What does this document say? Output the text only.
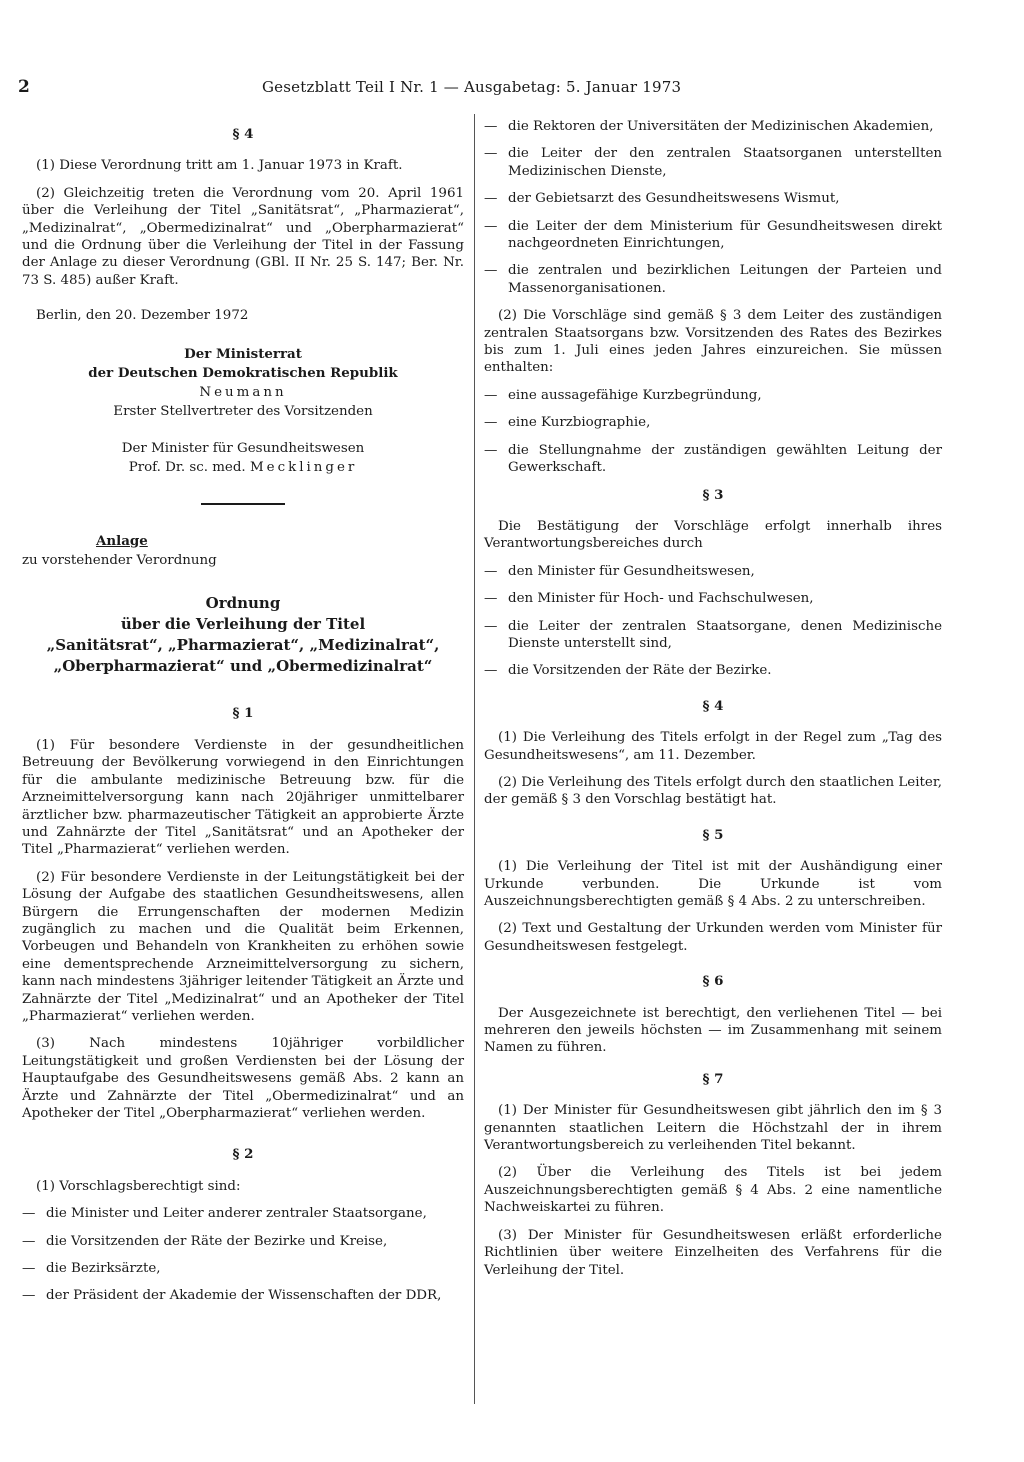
2	Gesetzblatt Teil I Nr. 1 — Ausgabetag: 5. Januar 1973
§ 4

(1) Diese Verordnung tritt am 1. Januar 1973 in Kraft.

(2) Gleichzeitig treten die Verordnung vom 20. April 1961 über die Verleihung der Titel „Sanitätsrat“, „Pharmazierat“, „Medizinalrat“, „Obermedizinalrat“ und „Oberpharmazierat“ und die Ordnung über die Verleihung der Titel in der Fassung der Anlage zu dieser Verordnung (GBl. II Nr. 25 S. 147; Ber. Nr. 73 S. 485) außer Kraft.

Berlin, den 20. Dezember 1972

Der Ministerrat

der Deutschen Demokratischen Republik

Neumann

Erster Stellvertreter des Vorsitzenden

Der Minister für Gesundheitswesen

Prof. Dr. sc. med. Mecklinger

Anlage

zu vorstehender Verordnung

Ordnung
über die Verleihung der Titel
„Sanitätsrat“, „Pharmazierat“, „Medizinalrat“,
„Oberpharmazierat“ und „Obermedizinalrat“
§ 1

(1) Für besondere Verdienste in der gesundheitlichen Betreuung der Bevölkerung vorwiegend in den Einrichtungen für die ambulante medizinische Betreuung bzw. für die Arzneimittelversorgung kann nach 20jähriger unmittelbarer ärztlicher bzw. pharmazeutischer Tätigkeit an approbierte Ärzte und Zahnärzte der Titel „Sanitätsrat“ und an Apotheker der Titel „Pharmazierat“ verliehen werden.

(2) Für besondere Verdienste in der Leitungstätigkeit bei der Lösung der Aufgabe des staatlichen Gesundheitswesens, allen Bürgern die Errungenschaften der modernen Medizin zugänglich zu machen und die Qualität beim Erkennen, Vorbeugen und Behandeln von Krankheiten zu erhöhen sowie eine dementsprechende Arzneimittelversorgung zu sichern, kann nach mindestens 3jähriger leitender Tätigkeit an Ärzte und Zahnärzte der Titel „Medizinalrat“ und an Apotheker der Titel „Pharmazierat“ verliehen werden.

(3) Nach mindestens 10jähriger vorbildlicher Leitungstätigkeit und großen Verdiensten bei der Lösung der Hauptaufgabe des Gesundheitswesens gemäß Abs. 2 kann an Ärzte und Zahnärzte der Titel „Obermedizinalrat“ und an Apotheker der Titel „Oberpharmazierat“ verliehen werden.

§ 2

(1) Vorschlagsberechtigt sind:

— die Minister und Leiter anderer zentraler Staatsorgane,
— die Vorsitzenden der Räte der Bezirke und Kreise,
— die Bezirksärzte,
— der Präsident der Akademie der Wissenschaften der DDR,
— die Rektoren der Universitäten der Medizinischen Akademien,
— die Leiter der den zentralen Staatsorganen unterstellten Medizinischen Dienste,
— der Gebietsarzt des Gesundheitswesens Wismut,
— die Leiter der dem Ministerium für Gesundheitswesen direkt nachgeordneten Einrichtungen,
— die zentralen und bezirklichen Leitungen der Parteien und Massenorganisationen.

(2) Die Vorschläge sind gemäß § 3 dem Leiter des zuständigen zentralen Staatsorgans bzw. Vorsitzenden des Rates des Bezirkes bis zum 1. Juli eines jeden Jahres einzureichen. Sie müssen enthalten:

— eine aussagefähige Kurzbegründung,
— eine Kurzbiographie,
— die Stellungnahme der zuständigen gewählten Leitung der Gewerkschaft.
§ 3

Die Bestätigung der Vorschläge erfolgt innerhalb ihres Verantwortungsbereiches durch

— den Minister für Gesundheitswesen,
— den Minister für Hoch- und Fachschulwesen,
— die Leiter der zentralen Staatsorgane, denen Medizinische Dienste unterstellt sind,
— die Vorsitzenden der Räte der Bezirke.
§ 4

(1) Die Verleihung des Titels erfolgt in der Regel zum „Tag des Gesundheitswesens“, am 11. Dezember.

(2) Die Verleihung des Titels erfolgt durch den staatlichen Leiter, der gemäß § 3 den Vorschlag bestätigt hat.

§ 5

(1) Die Verleihung der Titel ist mit der Aushändigung einer Urkunde verbunden. Die Urkunde ist vom Auszeichnungsberechtigten gemäß § 4 Abs. 2 zu unterschreiben.

(2) Text und Gestaltung der Urkunden werden vom Minister für Gesundheitswesen festgelegt.

§ 6

Der Ausgezeichnete ist berechtigt, den verliehenen Titel — bei mehreren den jeweils höchsten — im Zusammenhang mit seinem Namen zu führen.

§ 7

(1) Der Minister für Gesundheitswesen gibt jährlich den im § 3 genannten staatlichen Leitern die Höchstzahl der in ihrem Verantwortungsbereich zu verleihenden Titel bekannt.

(2) Über die Verleihung des Titels ist bei jedem Auszeichnungsberechtigten gemäß § 4 Abs. 2 eine namentliche Nachweiskartei zu führen.

(3) Der Minister für Gesundheitswesen erläßt erforderliche Richtlinien über weitere Einzelheiten des Verfahrens für die Verleihung der Titel.
